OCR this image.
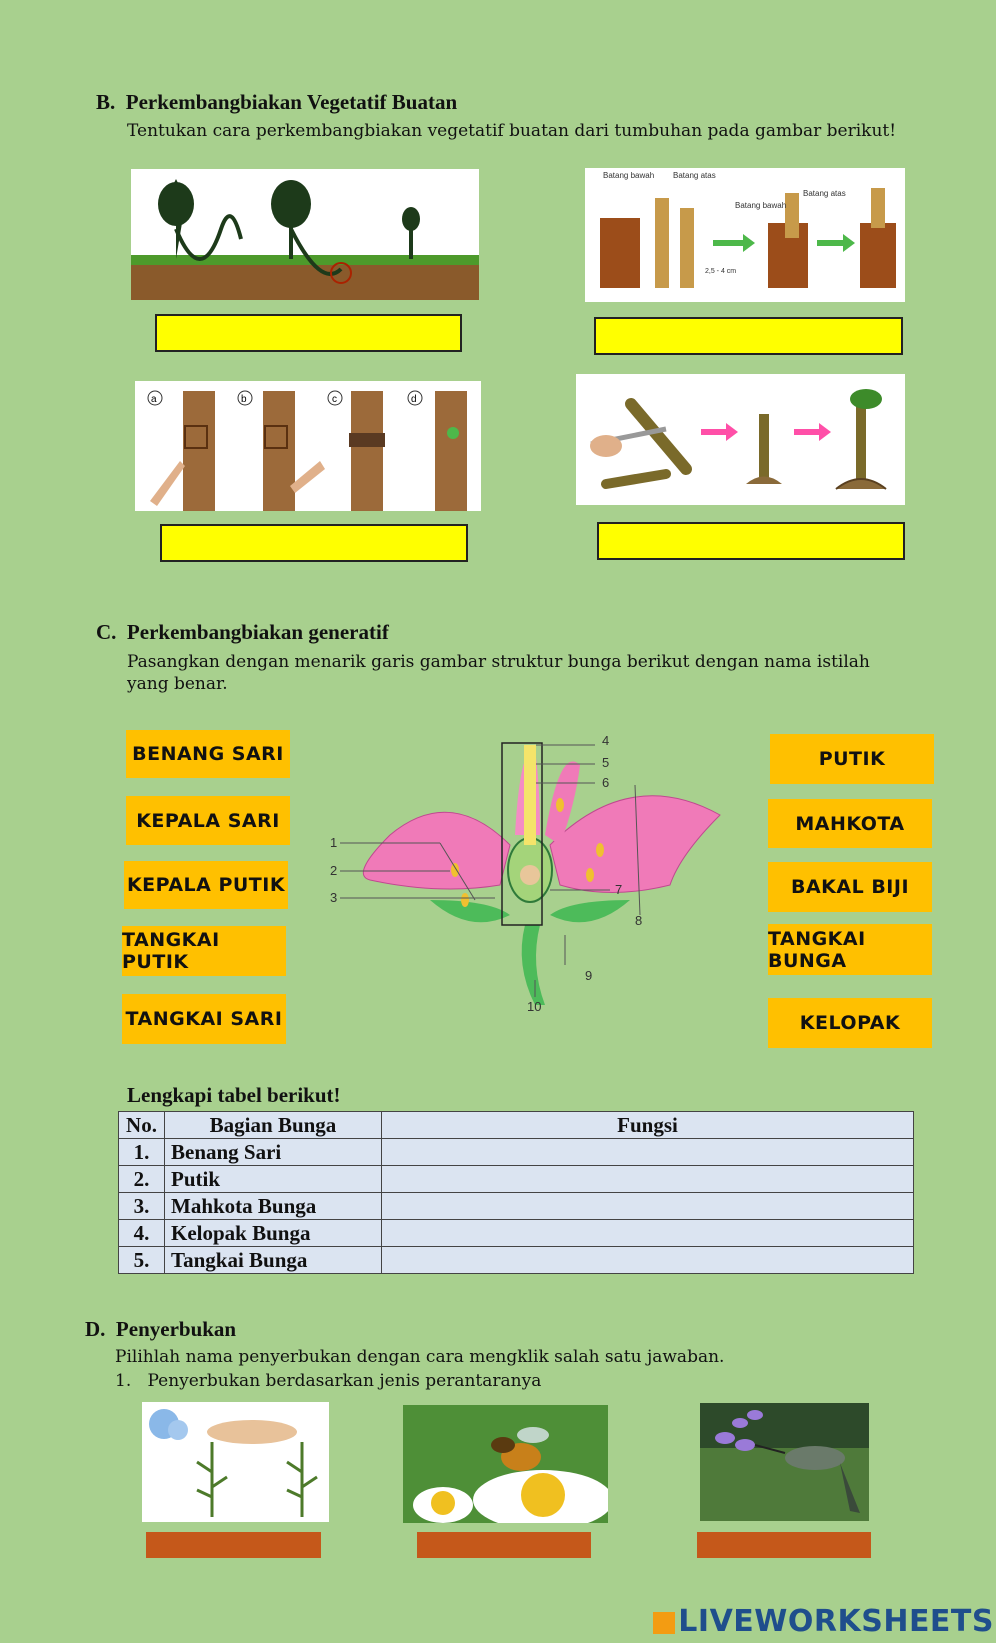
B. Perkembangbiakan Vegetatif Buatan
Tentukan cara perkembangbiakan vegetatif buatan dari tumbuhan pada gambar berikut!
Batang bawah Batang atas
Batang bawah
Batang atas
2,5 - 4 cm
a	b	c	d
C. Perkembangbiakan generatif
Pasangkan dengan menarik garis gambar struktur bunga berikut dengan nama istilah yang benar.
BENANG SARI
KEPALA SARI
KEPALA PUTIK
TANGKAI PUTIK
TANGKAI SARI
PUTIK
MAHKOTA
BAKAL BIJI
TANGKAI BUNGA
KELOPAK
1
2
3
4
5
6
7
8
9
10
Lengkapi tabel berikut!
No.	Bagian Bunga	Fungsi
1.	Benang Sari	
2.	Putik	
3.	Mahkota Bunga	
4.	Kelopak Bunga	
5.	Tangkai Bunga	
D. Penyerbukan
Pilihlah nama penyerbukan dengan cara mengklik salah satu jawaban.
1. Penyerbukan berdasarkan jenis perantaranya
LIVEWORKSHEETS
